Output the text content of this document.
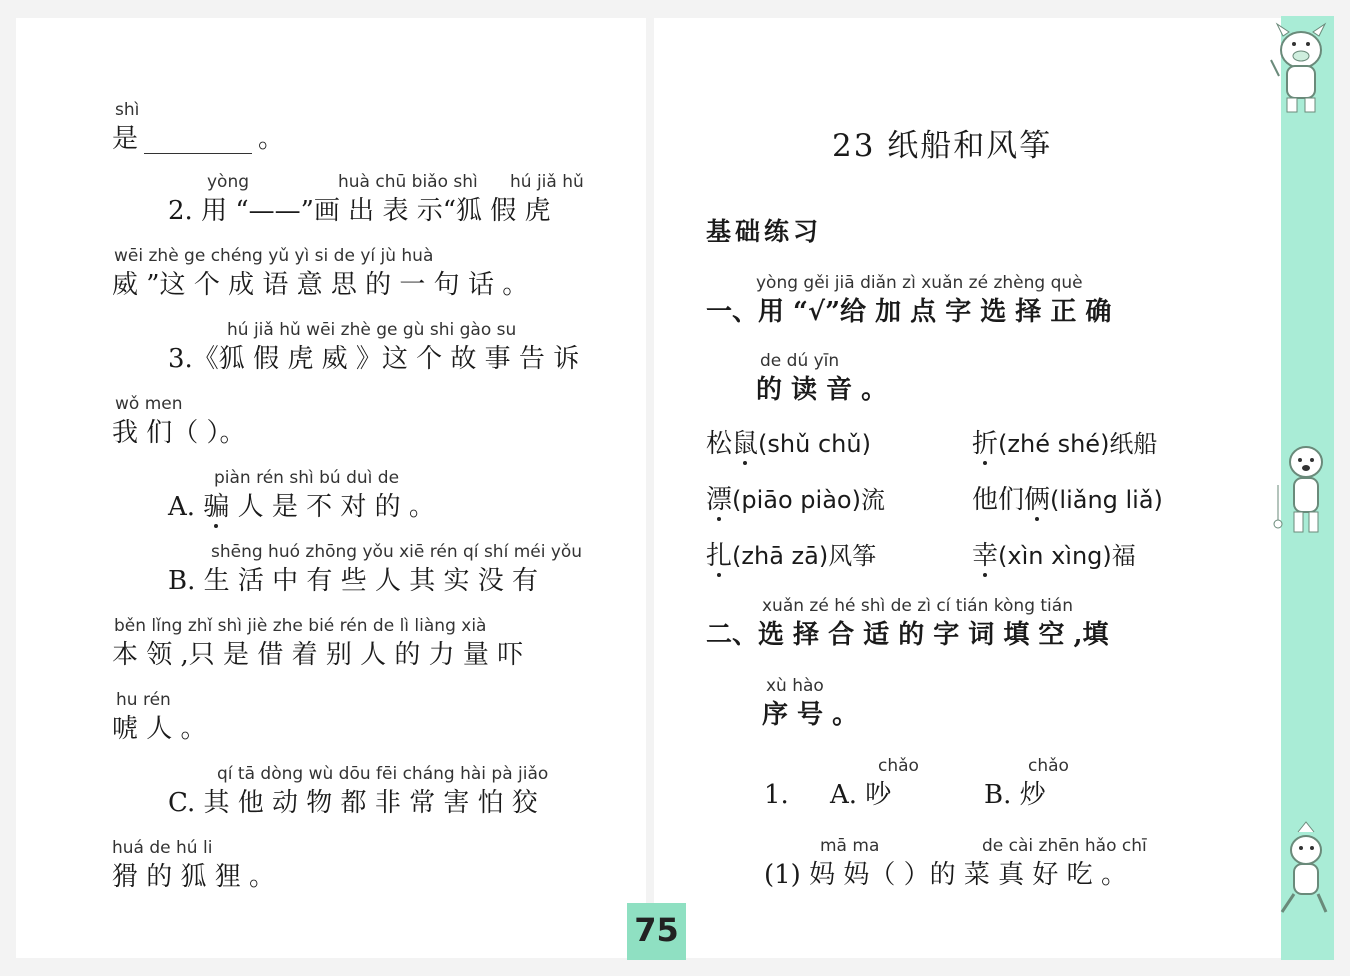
shì
是	。
yòng	huà chū biǎo shì hú jiǎ hǔ
2. 用 “——”画 出 表 示“狐 假 虎
wēi zhè ge chéng yǔ yì si de yí jù huà
威 ”这 个 成 语 意 思 的 一 句 话 。
hú jiǎ hǔ wēi zhè ge gù shi gào su
3.《狐 假 虎 威 》这 个 故 事 告 诉
wǒ men
我 们（ ）。
piàn rén shì bú duì de
A. 骗 人 是 不 对 的 。
shēng huó zhōng yǒu xiē rén qí shí méi yǒu
B. 生 活 中 有 些 人 其 实 没 有
běn lǐng zhǐ shì jiè zhe bié rén de lì liàng xià
本 领 ,只 是 借 着 别 人 的 力 量 吓
hu rén
唬 人 。
qí tā dòng wù dōu fēi cháng hài pà jiǎo
C. 其 他 动 物 都 非 常 害 怕 狡
huá de hú li
猾 的 狐 狸 。
23 纸船和风筝
基础练习
yòng gěi jiā diǎn zì xuǎn zé zhèng què
一、用 “√”给 加 点 字 选 择 正 确
de dú yīn
的 读 音 。
松鼠(shǔ chǔ)	折(zhé shé)纸船
漂(piāo piào)流	他们俩(liǎng liǎ)
扎(zhā zā)风筝	幸(xìn xìng)福
xuǎn zé hé shì de zì cí tián kòng tián
二、选 择 合 适 的 字 词 填 空 ,填
xù hào
序 号 。
chǎo	chǎo
1. A. 吵	B. 炒
mā ma	de cài zhēn hǎo chī
(1) 妈 妈（ ）的 菜 真 好 吃 。
75
